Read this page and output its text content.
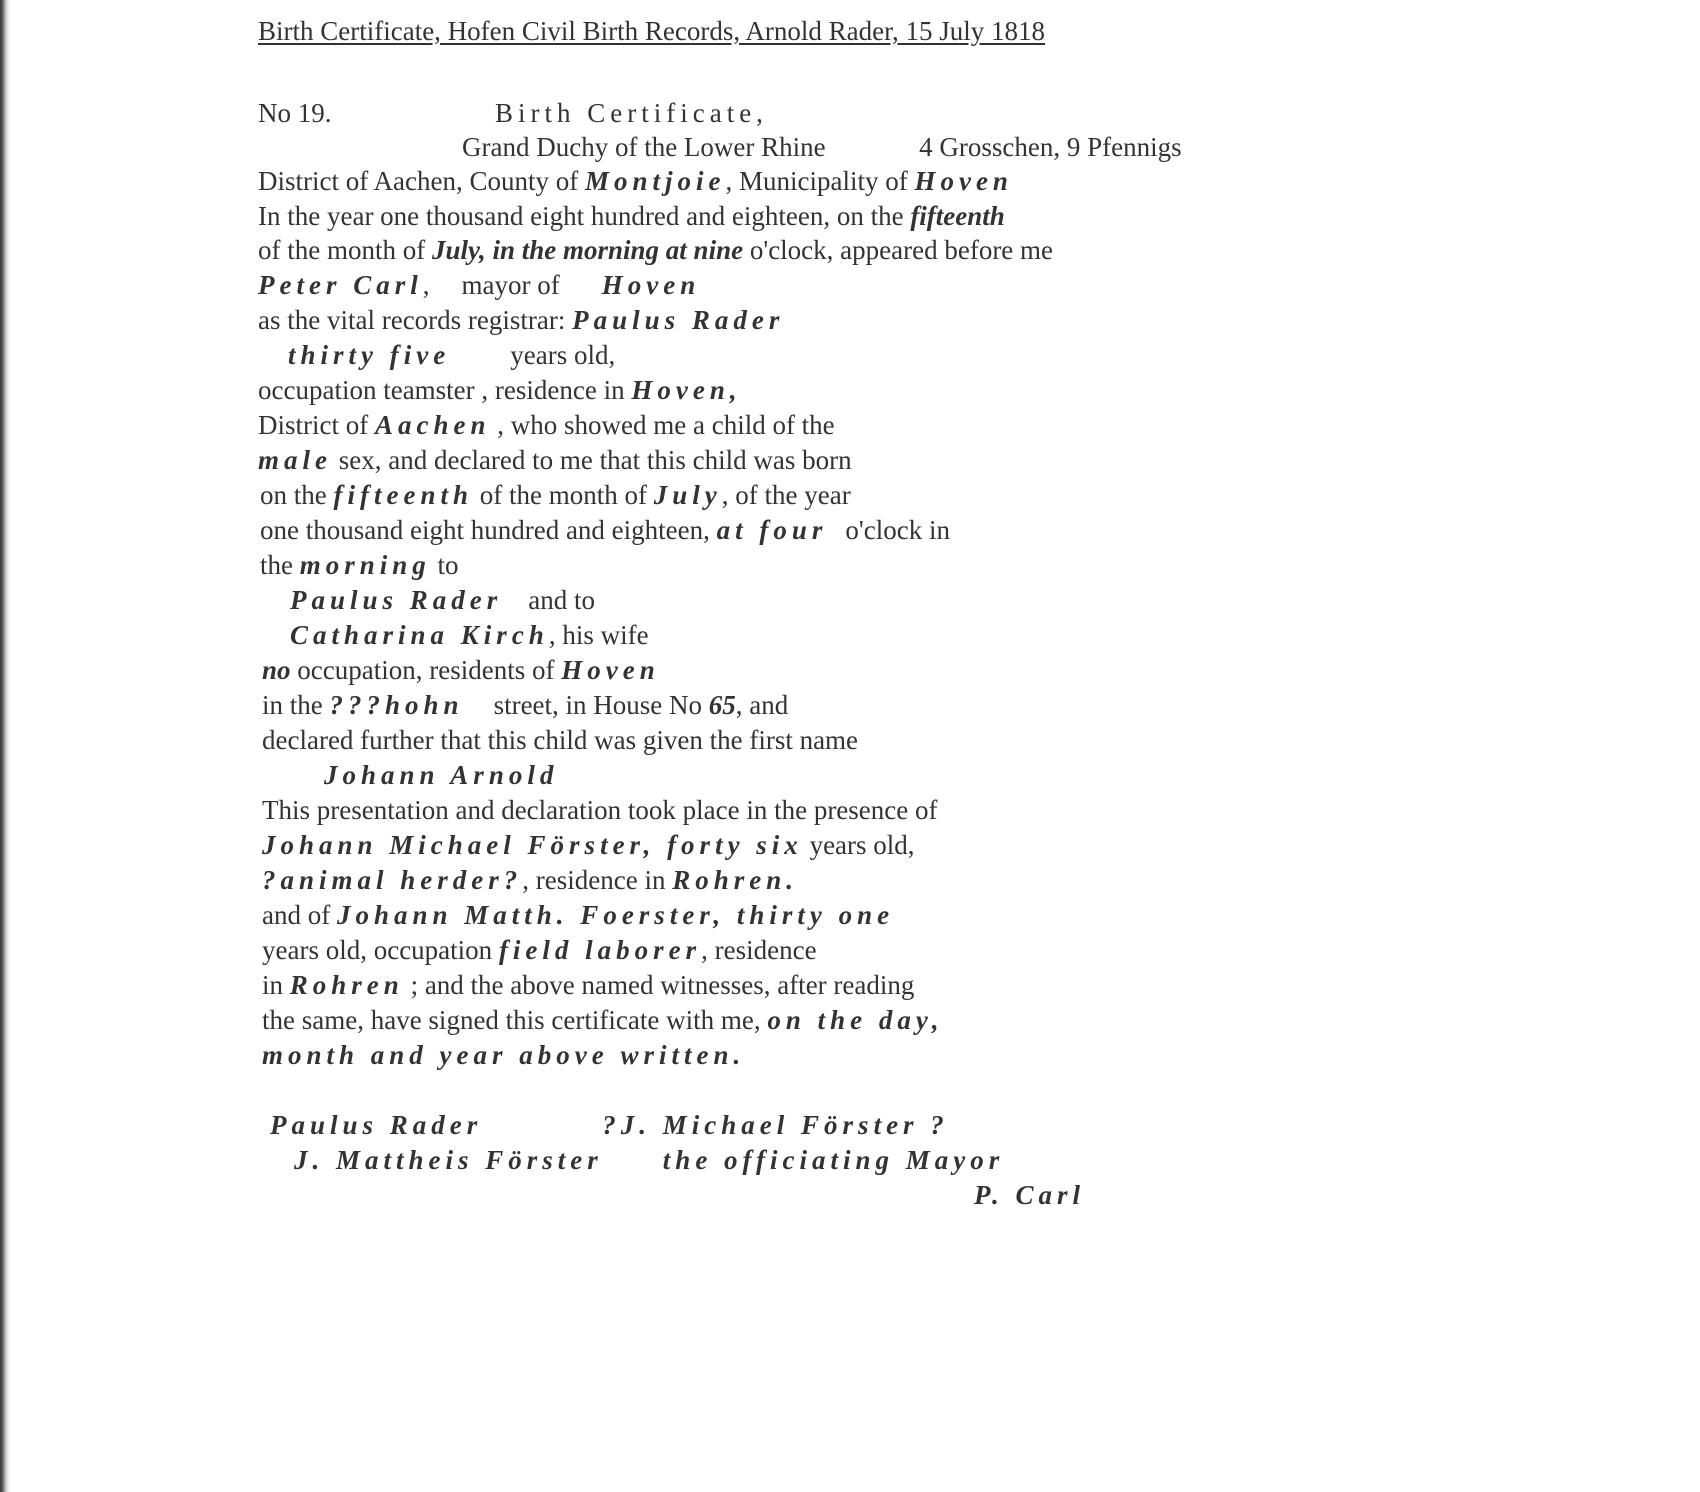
Birth Certificate, Hofen Civil Birth Records, Arnold Rader, 15 July 1818
No 19.	Birth Certificate,
Grand Duchy of the Lower Rhine	4 Grosschen, 9 Pfennigs
District of Aachen, County of Montjoie, Municipality of Hoven
In the year one thousand eight hundred and eighteen, on the fifteenth
of the month of July, in the morning at nine o'clock, appeared before me
Peter Carl, mayor of Hoven
as the vital records registrar: Paulus Rader
thirty five years old,
occupation teamster , residence in Hoven,
District of Aachen , who showed me a child of the
male sex, and declared to me that this child was born
on the fifteenth of the month of July, of the year
one thousand eight hundred and eighteen, at four o'clock in
the morning to
Paulus Rader and to
Catharina Kirch, his wife
no occupation, residents of Hoven
in the ???hohn street, in House No 65, and
declared further that this child was given the first name
Johann Arnold
This presentation and declaration took place in the presence of
Johann Michael Förster, forty six years old,
?animal herder?, residence in Rohren.
and of Johann Matth. Foerster, thirty one
years old, occupation field laborer, residence
in Rohren ; and the above named witnesses, after reading
the same, have signed this certificate with me, on the day,
month and year above written.
Paulus Rader	?J. Michael Förster ?
J. Mattheis Förster the officiating Mayor
P. Carl
